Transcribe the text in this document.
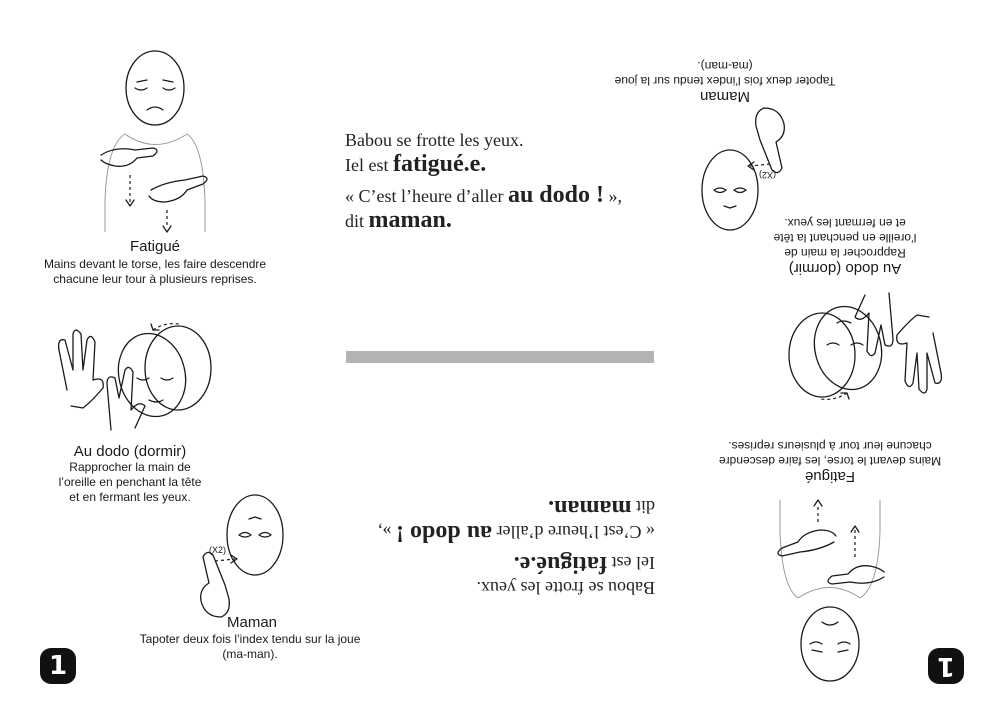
Fatigué
Mains devant le torse, les faire descendre
chacune leur tour à plusieurs reprises.
Au dodo (dormir)
Rapprocher la main de
l’oreille en penchant la tête
et en fermant les yeux.
(X2)
Maman
Tapoter deux fois l’index tendu sur la joue
(ma-man).
1
Babou se frotte les yeux.
Iel est fatigué.e.
« C’est l’heure d’aller au dodo ! »,
dit maman.
Babou se frotte les yeux.
Iel est fatigué.e.
« C’est l’heure d’aller au dodo ! »,
dit maman.
(X2)
Maman
Tapoter deux fois l’index tendu sur la joue
(ma-man).
Au dodo (dormir)
Rapprocher la main de
l’oreille en penchant la tête
et en fermant les yeux.
Fatigué
Mains devant le torse, les faire descendre
chacune leur tour à plusieurs reprises.
1
